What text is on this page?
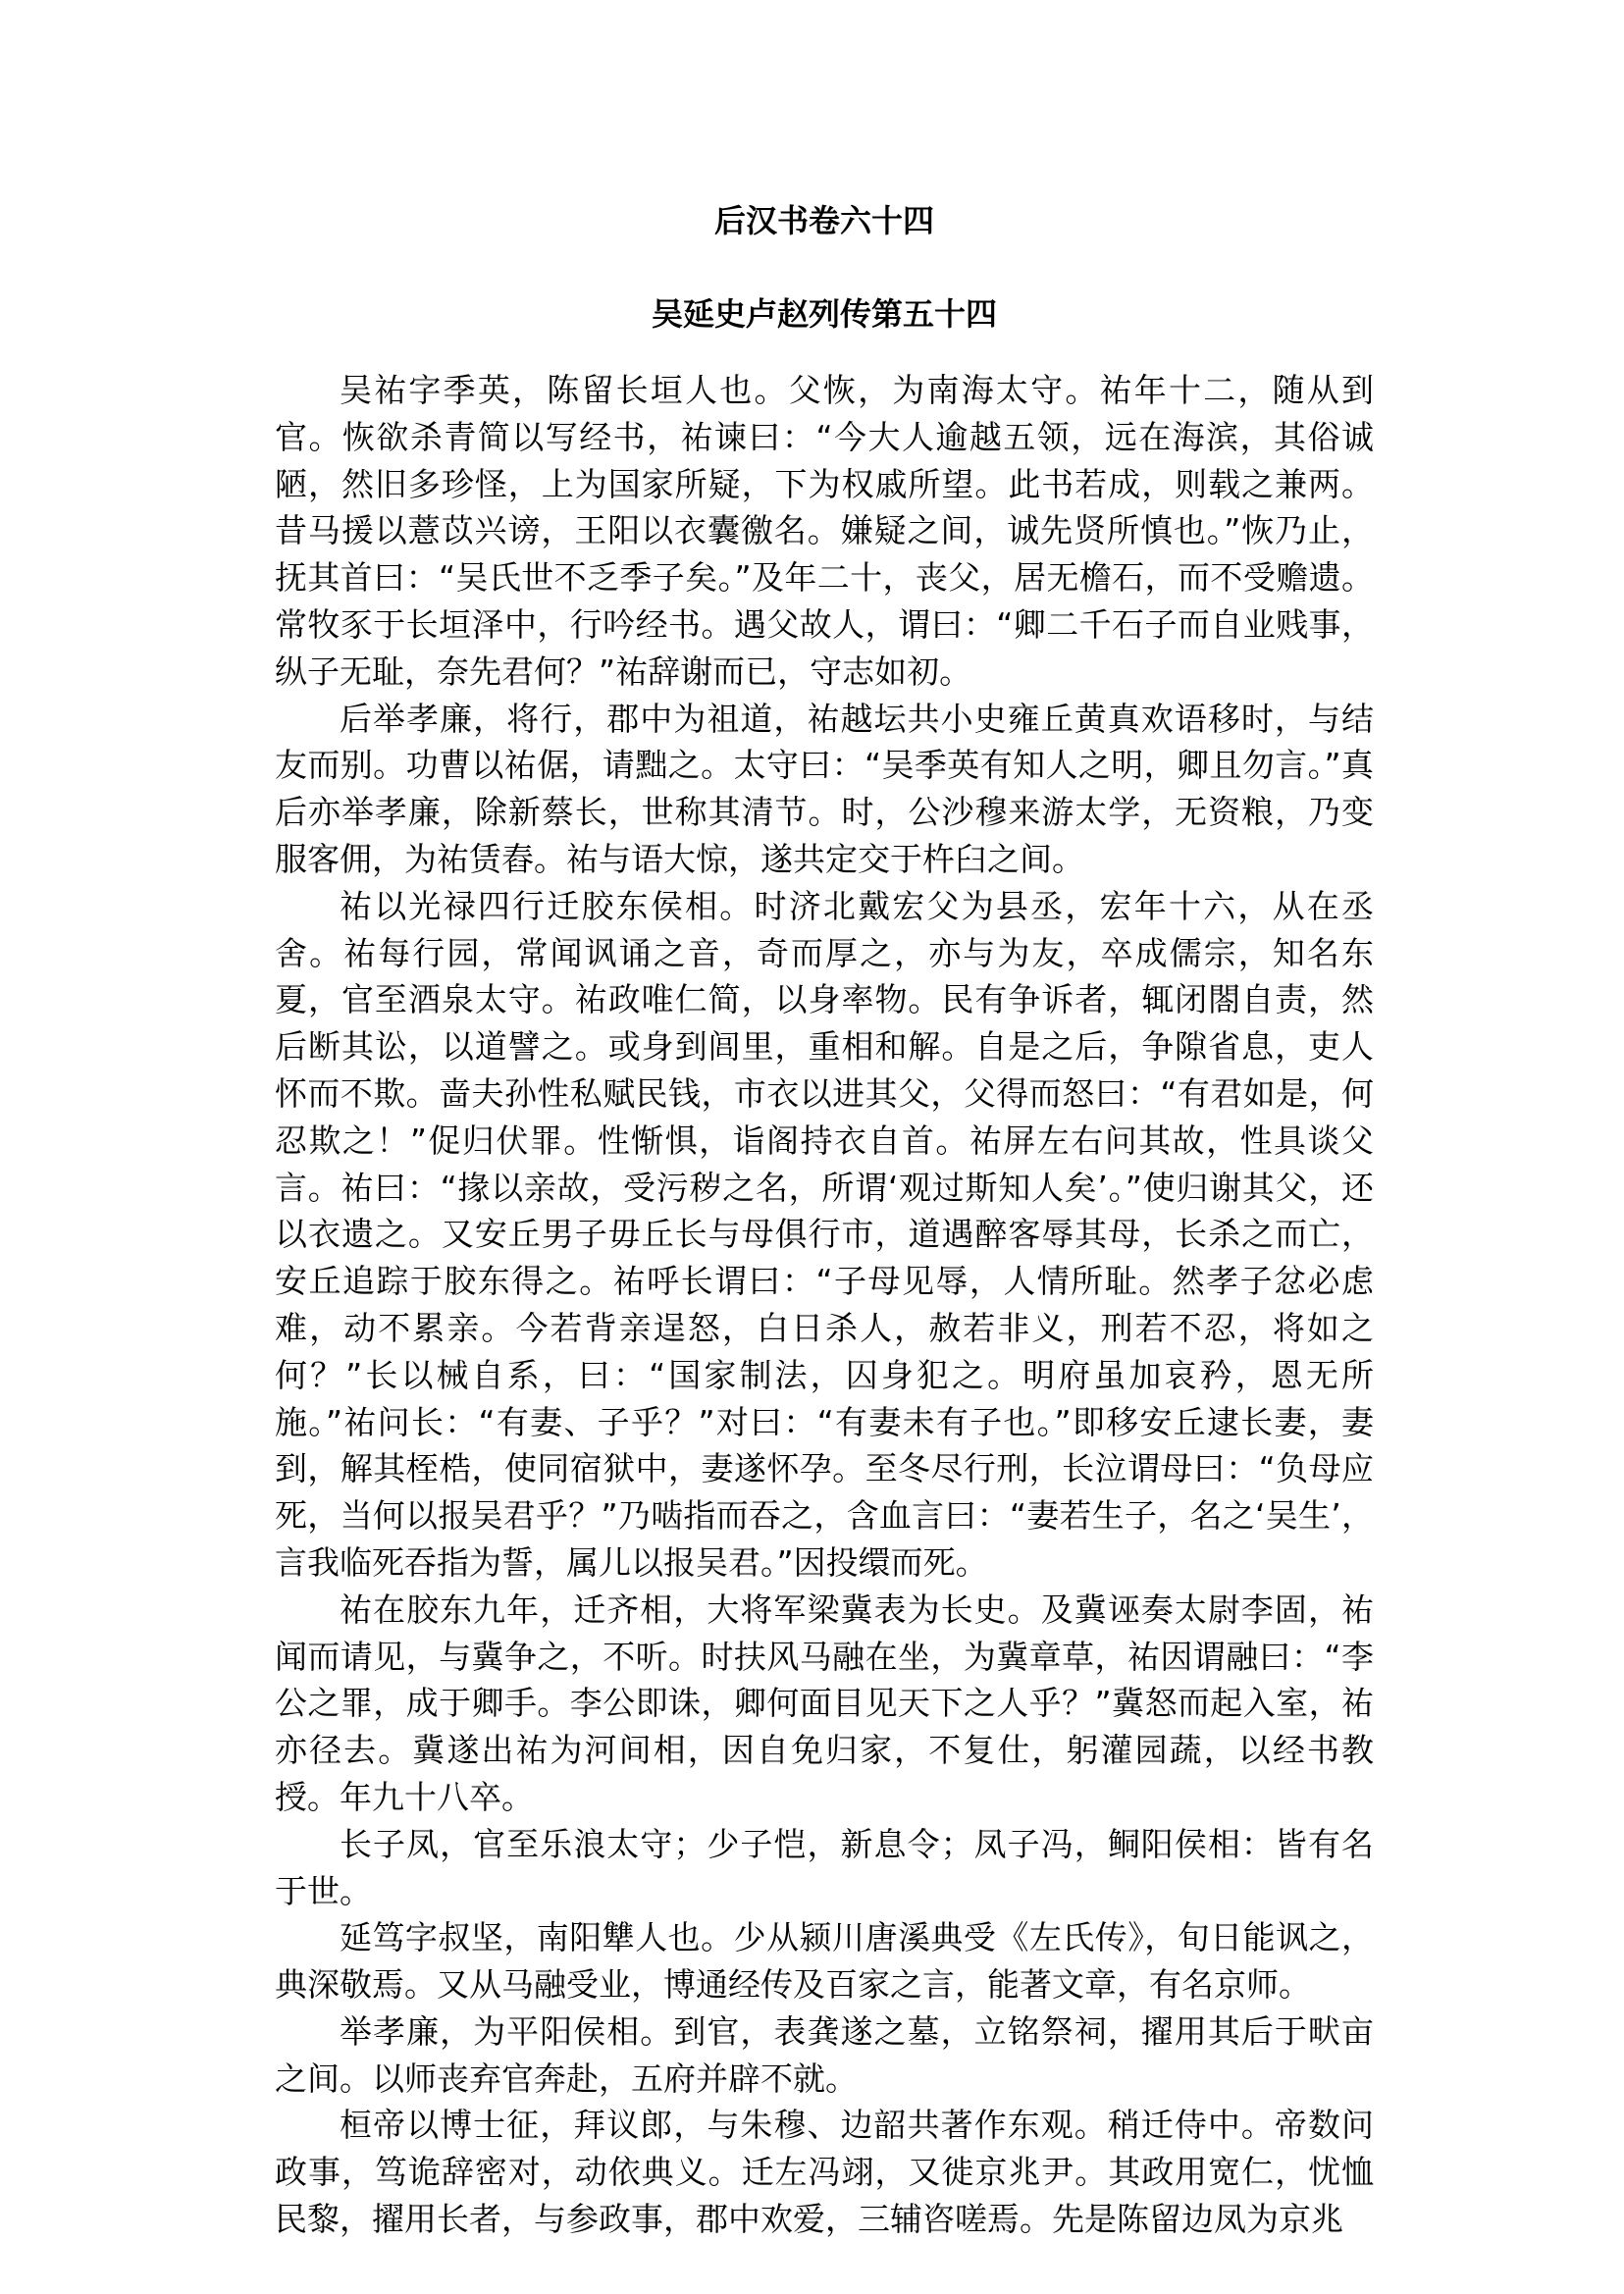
后汉书卷六十四
吴延史卢赵列传第五十四

吴祐字季英，陈留长垣人也。父恢，为南海太守。祐年十二，随从到官。恢欲杀青简以写经书，祐谏曰：“今大人逾越五领，远在海滨，其俗诚陋，然旧多珍怪，上为国家所疑，下为权戚所望。此书若成，则载之兼两。昔马援以薏苡兴谤，王阳以衣囊徼名。嫌疑之间，诚先贤所慎也。”恢乃止，抚其首曰：“吴氏世不乏季子矣。”及年二十，丧父，居无檐石，而不受赡遗。常牧豕于长垣泽中，行吟经书。遇父故人，谓曰：“卿二千石子而自业贱事，纵子无耻，奈先君何？”祐辞谢而已，守志如初。

后举孝廉，将行，郡中为祖道，祐越坛共小史雍丘黄真欢语移时，与结友而别。功曹以祐倨，请黜之。太守曰：“吴季英有知人之明，卿且勿言。”真后亦举孝廉，除新蔡长，世称其清节。时，公沙穆来游太学，无资粮，乃变服客佣，为祐赁舂。祐与语大惊，遂共定交于杵臼之间。

祐以光禄四行迁胶东侯相。时济北戴宏父为县丞，宏年十六，从在丞舍。祐每行园，常闻讽诵之音，奇而厚之，亦与为友，卒成儒宗，知名东夏，官至酒泉太守。祐政唯仁简，以身率物。民有争诉者，辄闭閤自责，然后断其讼，以道譬之。或身到闾里，重相和解。自是之后，争隙省息，吏人怀而不欺。啬夫孙性私赋民钱，市衣以进其父，父得而怒曰：“有君如是，何忍欺之！”促归伏罪。性惭惧，诣阁持衣自首。祐屏左右问其故，性具谈父言。祐曰：“掾以亲故，受污秽之名，所谓‘观过斯知人矣’。”使归谢其父，还以衣遗之。又安丘男子毋丘长与母俱行市，道遇醉客辱其母，长杀之而亡，安丘追踪于胶东得之。祐呼长谓曰：“子母见辱，人情所耻。然孝子忿必虑难，动不累亲。今若背亲逞怒，白日杀人，赦若非义，刑若不忍，将如之何？”长以械自系，曰：“国家制法，囚身犯之。明府虽加哀矜，恩无所施。”祐问长：“有妻、子乎？”对曰：“有妻未有子也。”即移安丘逮长妻，妻到，解其桎梏，使同宿狱中，妻遂怀孕。至冬尽行刑，长泣谓母曰：“负母应死，当何以报吴君乎？”乃啮指而吞之，含血言曰：“妻若生子，名之‘吴生’，言我临死吞指为誓，属儿以报吴君。”因投缳而死。

祐在胶东九年，迁齐相，大将军梁冀表为长史。及冀诬奏太尉李固，祐闻而请见，与冀争之，不听。时扶风马融在坐，为冀章草，祐因谓融曰：“李公之罪，成于卿手。李公即诛，卿何面目见天下之人乎？”冀怒而起入室，祐亦径去。冀遂出祐为河间相，因自免归家，不复仕，躬灌园蔬，以经书教授。年九十八卒。

长子凤，官至乐浪太守；少子恺，新息令；凤子冯，鲖阳侯相：皆有名于世。

延笃字叔坚，南阳犨人也。少从颍川唐溪典受《左氏传》，旬日能讽之，典深敬焉。又从马融受业，博通经传及百家之言，能著文章，有名京师。

举孝廉，为平阳侯相。到官，表龚遂之墓，立铭祭祠，擢用其后于畎亩之间。以师丧弃官奔赴，五府并辟不就。

桓帝以博士征，拜议郎，与朱穆、边韶共著作东观。稍迁侍中。帝数问政事，笃诡辞密对，动依典义。迁左冯翊，又徙京兆尹。其政用宽仁，忧恤民黎，擢用长者，与参政事，郡中欢爱，三辅咨嗟焉。先是陈留边凤为京兆
